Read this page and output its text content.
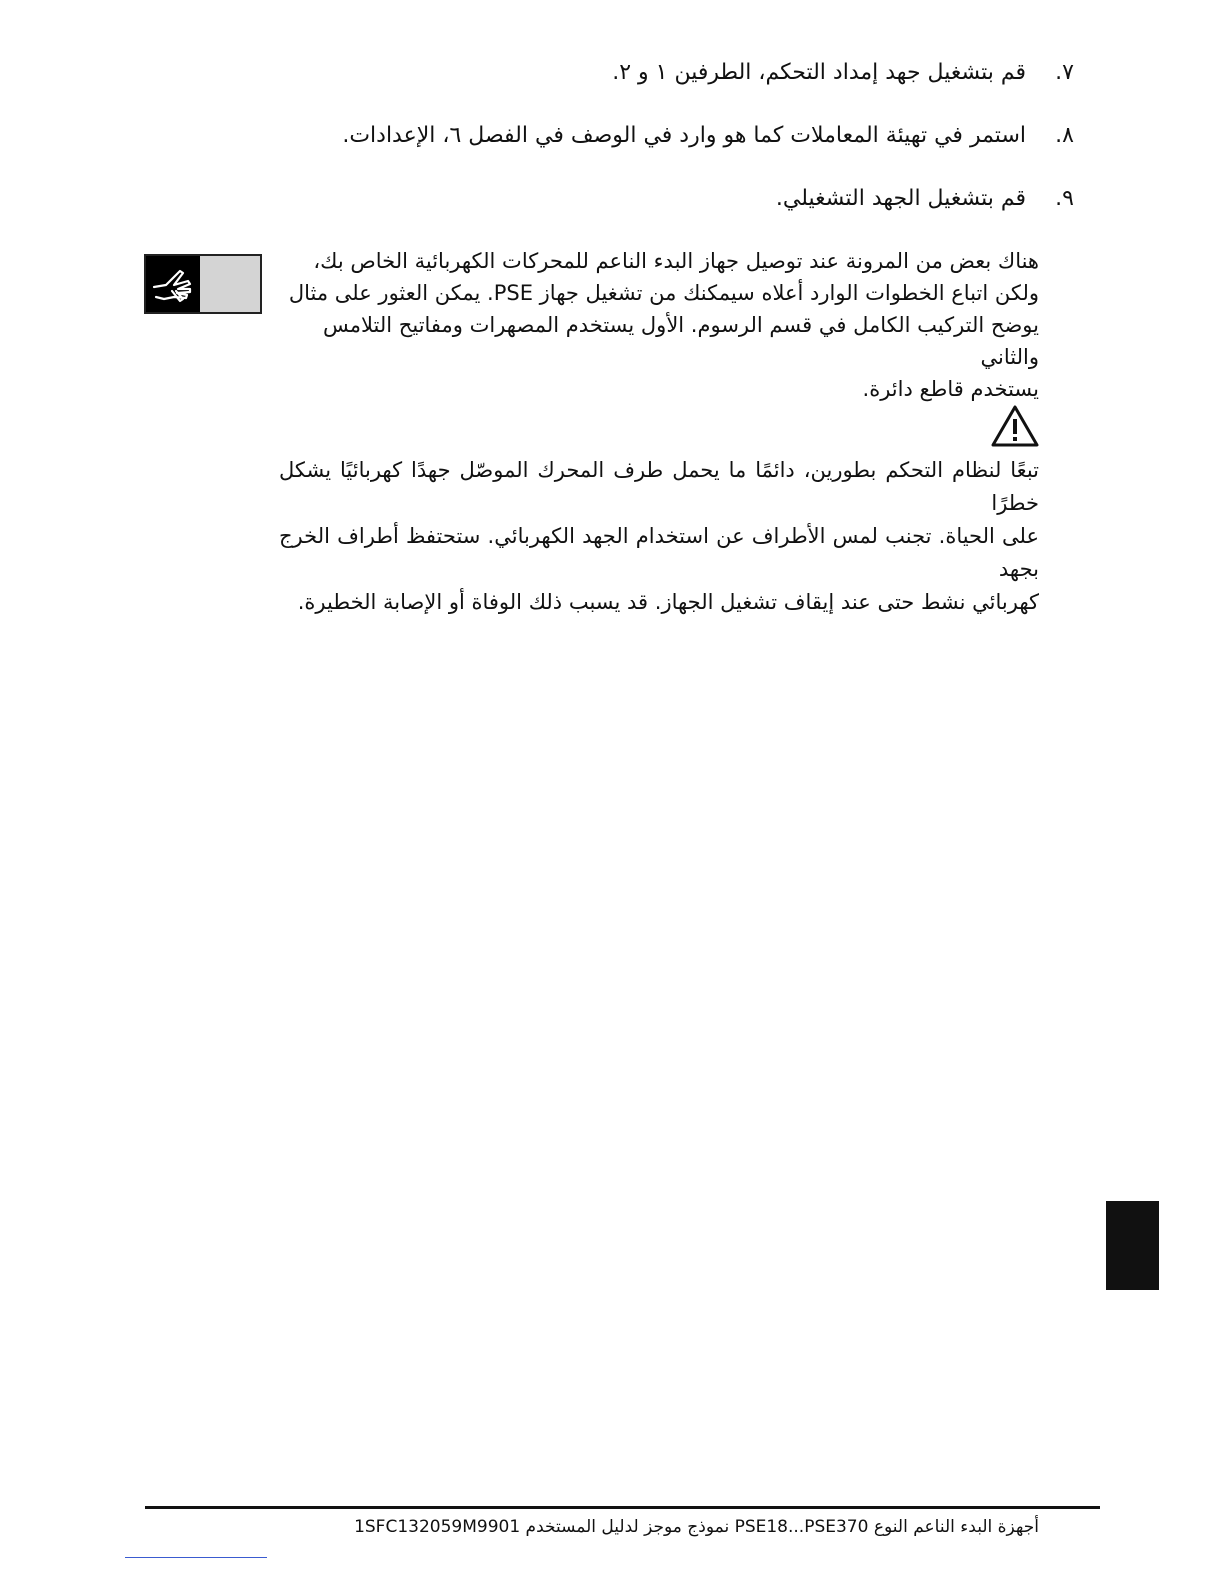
٧.
قم بتشغيل جهد إمداد التحكم، الطرفين ١ و ٢.
٨.
استمر في تهيئة المعاملات كما هو وارد في الوصف في الفصل ٦، الإعدادات.
٩.
قم بتشغيل الجهد التشغيلي.

هناك بعض من المرونة عند توصيل جهاز البدء الناعم للمحركات الكهربائية الخاص بك،

ولكن اتباع الخطوات الوارد أعلاه سيمكنك من تشغيل جهاز PSE. يمكن العثور على مثال

يوضح التركيب الكامل في قسم الرسوم. الأول يستخدم المصهرات ومفاتيح التلامس والثاني

يستخدم قاطع دائرة.

تبعًا لنظام التحكم بطورين، دائمًا ما يحمل طرف المحرك الموصّل جهدًا كهربائيًا يشكل خطرًا

على الحياة. تجنب لمس الأطراف عن استخدام الجهد الكهربائي. ستحتفظ أطراف الخرج بجهد

كهربائي نشط حتى عند إيقاف تشغيل الجهاز. قد يسبب ذلك الوفاة أو الإصابة الخطيرة.

أجهزة البدء الناعم النوع PSE18...PSE370 نموذج موجز لدليل المستخدم 1SFC132059M9901
